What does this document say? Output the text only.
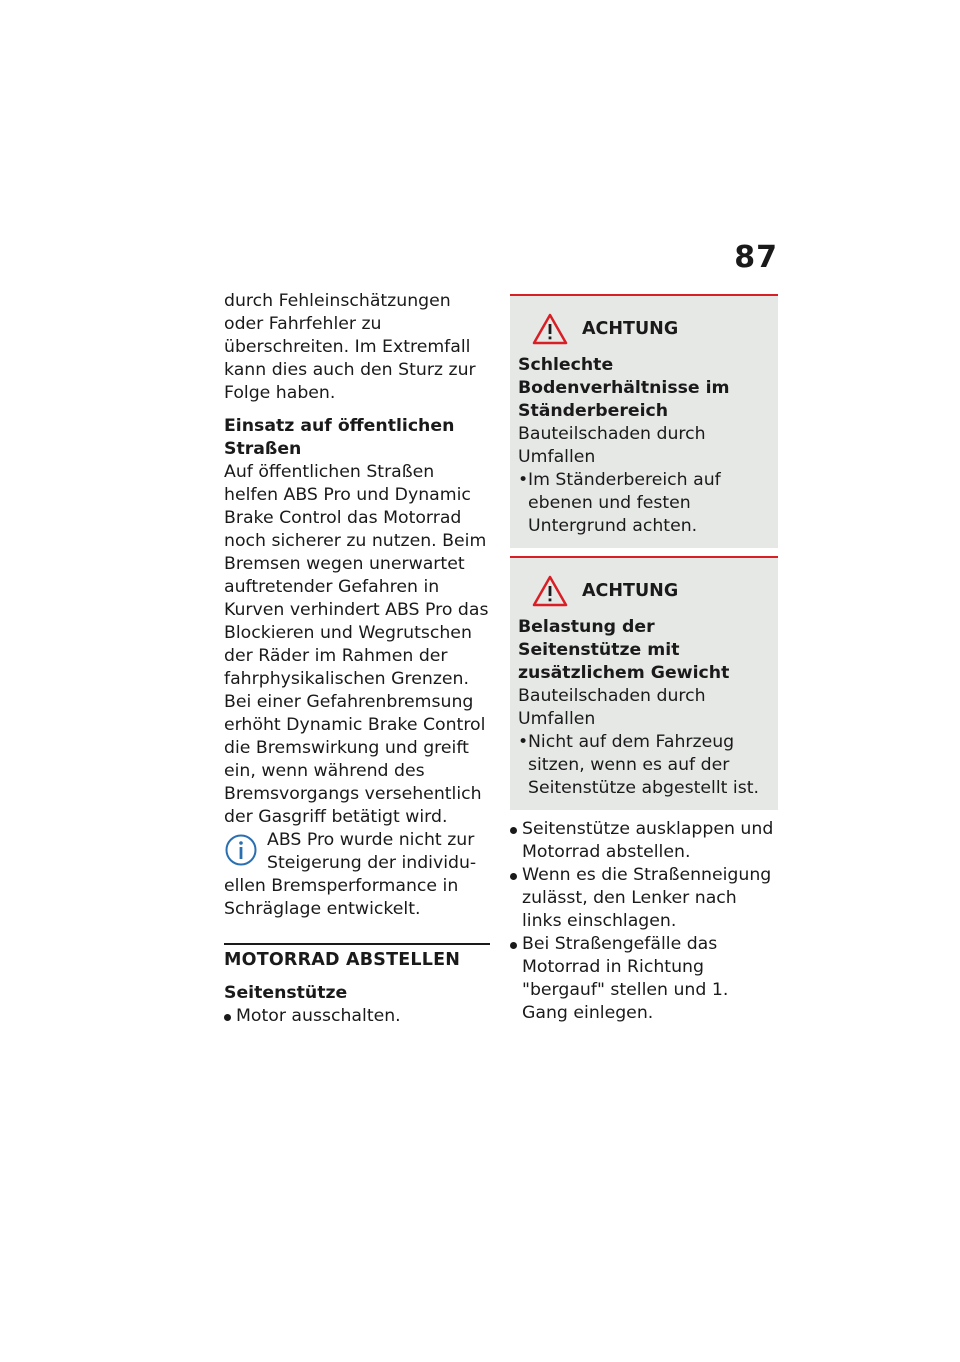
87

durch Fehleinschätzungen oder Fahrfehler zu überschreiten. Im Extremfall kann dies auch den Sturz zur Folge haben.

Einsatz auf öffentlichen Straßen

Auf öffentlichen Straßen helfen ABS Pro und Dynamic Brake Control das Motorrad noch sicherer zu nutzen. Beim Bremsen wegen unerwartet auftretender Gefahren in Kurven verhindert ABS Pro das Blockieren und Wegrutschen der Räder im Rahmen der fahrphysikalischen Grenzen. Bei einer Gefahrenbremsung erhöht Dynamic Brake Control die Bremswirkung und greift ein, wenn während des Bremsvorgangs versehentlich der Gasgriff betätigt wird.

ABS Pro wurde nicht zur Steigerung der individu-

ellen Bremsperformance in Schräglage entwickelt.

MOTORRAD ABSTELLEN

Seitenstütze

Motor ausschalten.
ACHTUNG

Schlechte Bodenverhältnisse im Ständerbereich

Bauteilschaden durch Umfallen

• Im Ständerbereich auf ebenen und festen Untergrund achten.
ACHTUNG

Belastung der Seitenstütze mit zusätzlichem Gewicht

Bauteilschaden durch Umfallen

• Nicht auf dem Fahrzeug sitzen, wenn es auf der Seitenstütze abgestellt ist.
Seitenstütze ausklappen und Motorrad abstellen.
Wenn es die Straßenneigung zulässt, den Lenker nach links einschlagen.
Bei Straßengefälle das Motorrad in Richtung "bergauf" stellen und 1. Gang einlegen.
